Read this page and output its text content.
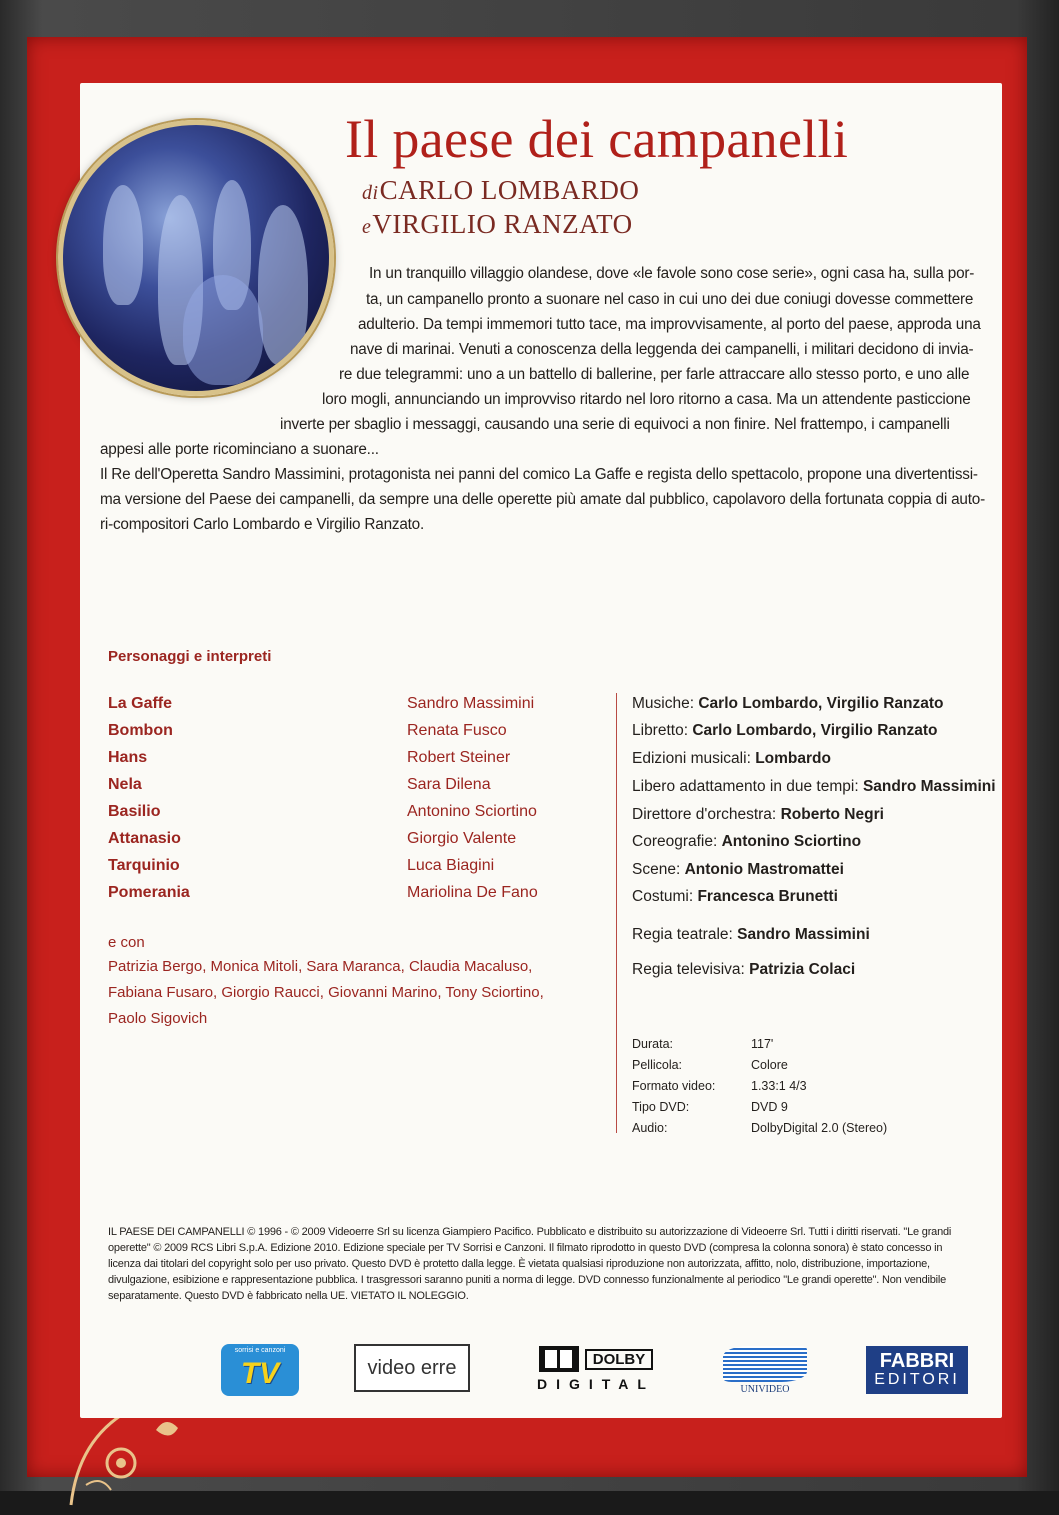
Il paese dei campanelli
diCARLO LOMBARDO
eVIRGILIO RANZATO
In un tranquillo villaggio olandese, dove «le favole sono cose serie», ogni casa ha, sulla por-
ta, un campanello pronto a suonare nel caso in cui uno dei due coniugi dovesse commettere
adulterio. Da tempi immemori tutto tace, ma improvvisamente, al porto del paese, approda una
nave di marinai. Venuti a conoscenza della leggenda dei campanelli, i militari decidono di invia-
re due telegrammi: uno a un battello di ballerine, per farle attraccare allo stesso porto, e uno alle
loro mogli, annunciando un improvviso ritardo nel loro ritorno a casa. Ma un attendente pasticcione
inverte per sbaglio i messaggi, causando una serie di equivoci a non finire. Nel frattempo, i campanelli
appesi alle porte ricominciano a suonare...
Il Re dell'Operetta Sandro Massimini, protagonista nei panni del comico La Gaffe e regista dello spettacolo, propone una divertentissi-
ma versione del Paese dei campanelli, da sempre una delle operette più amate dal pubblico, capolavoro della fortunata coppia di auto-
ri-compositori Carlo Lombardo e Virgilio Ranzato.
Personaggi e interpreti
La Gaffe	Sandro Massimini
Bombon	Renata Fusco
Hans	Robert Steiner
Nela	Sara Dilena
Basilio	Antonino Sciortino
Attanasio	Giorgio Valente
Tarquinio	Luca Biagini
Pomerania	Mariolina De Fano
e con
Patrizia Bergo, Monica Mitoli, Sara Maranca, Claudia Macaluso,
Fabiana Fusaro, Giorgio Raucci, Giovanni Marino, Tony Sciortino,
Paolo Sigovich
Musiche: Carlo Lombardo, Virgilio Ranzato
Libretto: Carlo Lombardo, Virgilio Ranzato
Edizioni musicali: Lombardo
Libero adattamento in due tempi: Sandro Massimini
Direttore d'orchestra: Roberto Negri
Coreografie: Antonino Sciortino
Scene: Antonio Mastromattei
Costumi: Francesca Brunetti
Regia teatrale: Sandro Massimini
Regia televisiva: Patrizia Colaci
Durata:	117'
Pellicola:	Colore
Formato video:	1.33:1 4/3
Tipo DVD:	DVD 9
Audio:	DolbyDigital 2.0 (Stereo)
IL PAESE DEI CAMPANELLI © 1996 - © 2009 Videoerre Srl su licenza Giampiero Pacifico. Pubblicato e distribuito su autorizzazione di Videoerre Srl. Tutti i diritti riservati. "Le grandi operette" © 2009 RCS Libri S.p.A. Edizione 2010. Edizione speciale per TV Sorrisi e Canzoni. Il filmato riprodotto in questo DVD (compresa la colonna sonora) è stato concesso in licenza dai titolari del copyright solo per uso privato. Questo DVD è protetto dalla legge. È vietata qualsiasi riproduzione non autorizzata, affitto, nolo, distribuzione, importazione, divulgazione, esibizione e rappresentazione pubblica. I trasgressori saranno puniti a norma di legge. DVD connesso funzionalmente al periodico "Le grandi operette". Non vendibile separatamente. Questo DVD è fabbricato nella UE. VIETATO IL NOLEGGIO.
sorrisi e canzoni
TV	video erre	DOLBY
DIGITAL	UNIVIDEO
FABBRI
EDITORI
